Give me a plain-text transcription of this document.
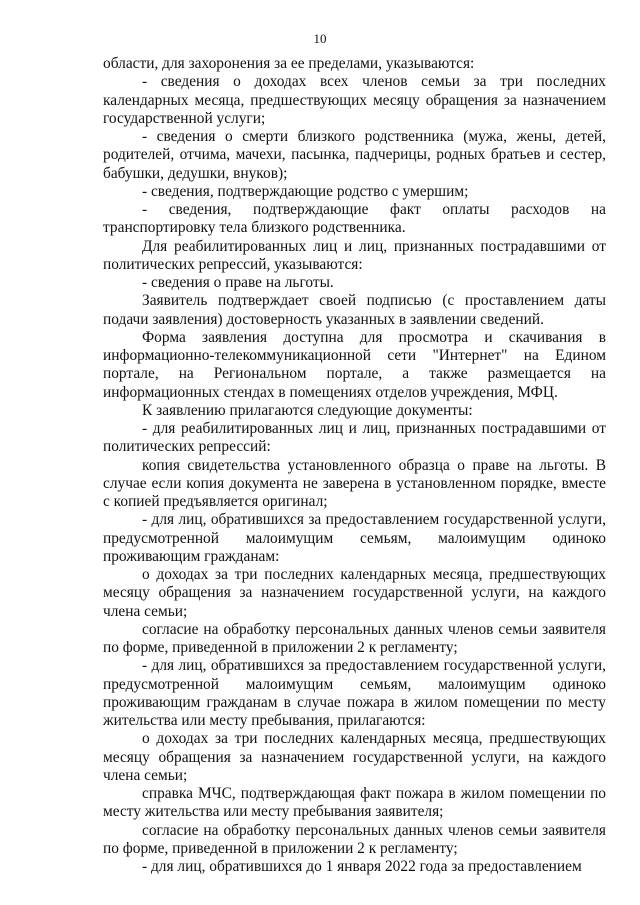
10

области, для захоронения за ее пределами, указываются:

- сведения о доходах всех членов семьи за три последних календарных месяца, предшествующих месяцу обращения за назначением государственной услуги;

- сведения о смерти близкого родственника (мужа, жены, детей, родителей, отчима, мачехи, пасынка, падчерицы, родных братьев и сестер, бабушки, дедушки, внуков);

- сведения, подтверждающие родство с умершим;

- сведения, подтверждающие факт оплаты расходов на транспортировку тела близкого родственника.

Для реабилитированных лиц и лиц, признанных пострадавшими от политических репрессий, указываются:

- сведения о праве на льготы.

Заявитель подтверждает своей подписью (с проставлением даты подачи заявления) достоверность указанных в заявлении сведений.

Форма заявления доступна для просмотра и скачивания в информационно-телекоммуникационной сети "Интернет" на Едином портале, на Региональном портале, а также размещается на информационных стендах в помещениях отделов учреждения, МФЦ.

К заявлению прилагаются следующие документы:

- для реабилитированных лиц и лиц, признанных пострадавшими от политических репрессий:

копия свидетельства установленного образца о праве на льготы. В случае если копия документа не заверена в установленном порядке, вместе с копией предъявляется оригинал;

- для лиц, обратившихся за предоставлением государственной услуги, предусмотренной малоимущим семьям, малоимущим одиноко проживающим гражданам:

о доходах за три последних календарных месяца, предшествующих месяцу обращения за назначением государственной услуги, на каждого члена семьи;

согласие на обработку персональных данных членов семьи заявителя по форме, приведенной в приложении 2 к регламенту;

- для лиц, обратившихся за предоставлением государственной услуги, предусмотренной малоимущим семьям, малоимущим одиноко проживающим гражданам в случае пожара в жилом помещении по месту жительства или месту пребывания, прилагаются:

о доходах за три последних календарных месяца, предшествующих месяцу обращения за назначением государственной услуги, на каждого члена семьи;

справка МЧС, подтверждающая факт пожара в жилом помещении по месту жительства или месту пребывания заявителя;

согласие на обработку персональных данных членов семьи заявителя по форме, приведенной в приложении 2 к регламенту;

- для лиц, обратившихся до 1 января 2022 года за предоставлением
